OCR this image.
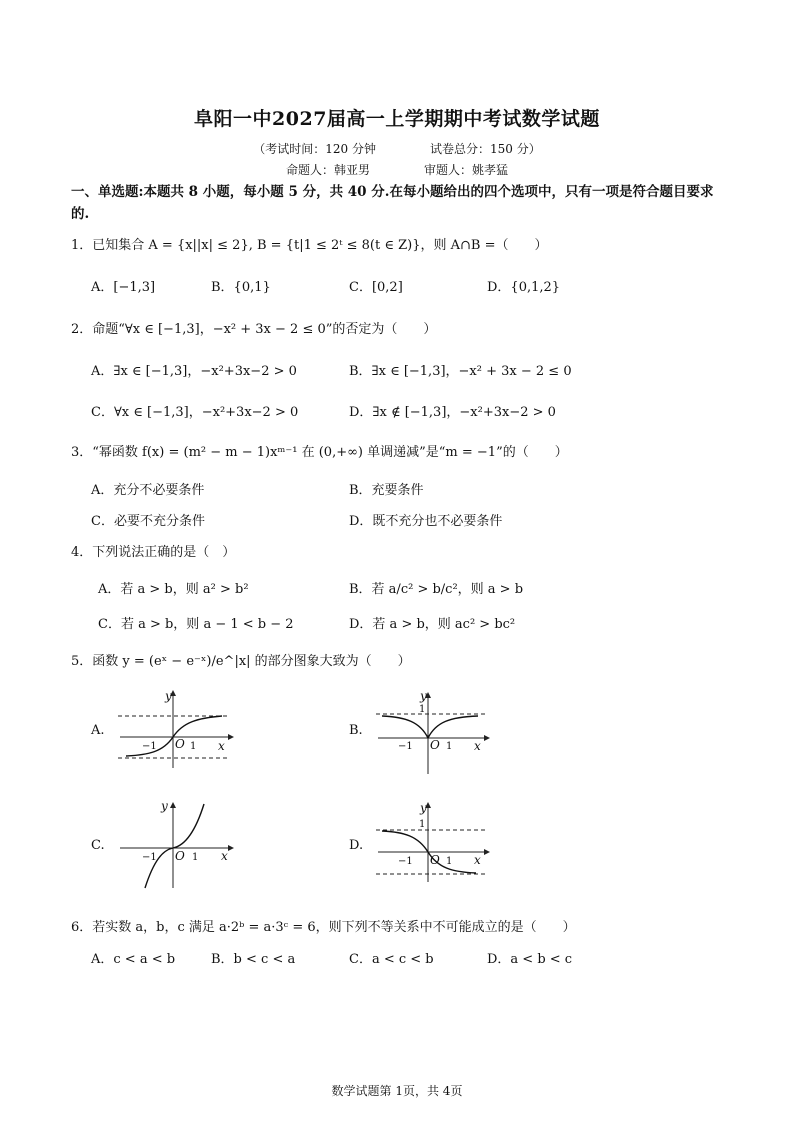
阜阳一中2027届高一上学期期中考试数学试题
（考试时间：120 分钟	试卷总分：150 分）
命题人：韩亚男	审题人：姚孝猛
一、单选题:本题共 8 小题，每小题 5 分，共 40 分.在每小题给出的四个选项中，只有一项是符合题目要求的.
1．已知集合 A = {x||x| ≤ 2}, B = {t|1 ≤ 2ᵗ ≤ 8(t ∈ Z)}，则 A∩B =（　　）
A．[−1,3]	B．{0,1}	C．[0,2]	D．{0,1,2}
2．命题“∀x ∈ [−1,3]，−x² + 3x − 2 ≤ 0”的否定为（　　）
A．∃x ∈ [−1,3]，−x²+3x−2 > 0	B．∃x ∈ [−1,3]，−x² + 3x − 2 ≤ 0
C．∀x ∈ [−1,3]，−x²+3x−2 > 0	D．∃x ∉ [−1,3]，−x²+3x−2 > 0
3．“幂函数 f(x) = (m² − m − 1)xᵐ⁻¹ 在 (0,+∞) 单调递减”是“m = −1”的（　　）
A．充分不必要条件	B．充要条件
C．必要不充分条件	D．既不充分也不必要条件
4．下列说法正确的是（　）
A．若 a > b，则 a² > b²	B．若 a/c² > b/c²，则 a > b
C．若 a > b，则 a − 1 < b − 2	D．若 a > b，则 ac² > bc²
5．函数 y = (eˣ − e⁻ˣ)/e^|x| 的部分图象大致为（　　）
A.	B.
C.	D.
y
x
O 1
−1
y
1
x
O 1
−1
y
x
O 1
−1
y
1
x
O 1
−1
6．若实数 a，b，c 满足 a·2ᵇ = a·3ᶜ = 6，则下列不等关系中不可能成立的是（　　）
A．c < a < b	B．b < c < a	C．a < c < b	D．a < b < c
数学试题第 1页，共 4页
